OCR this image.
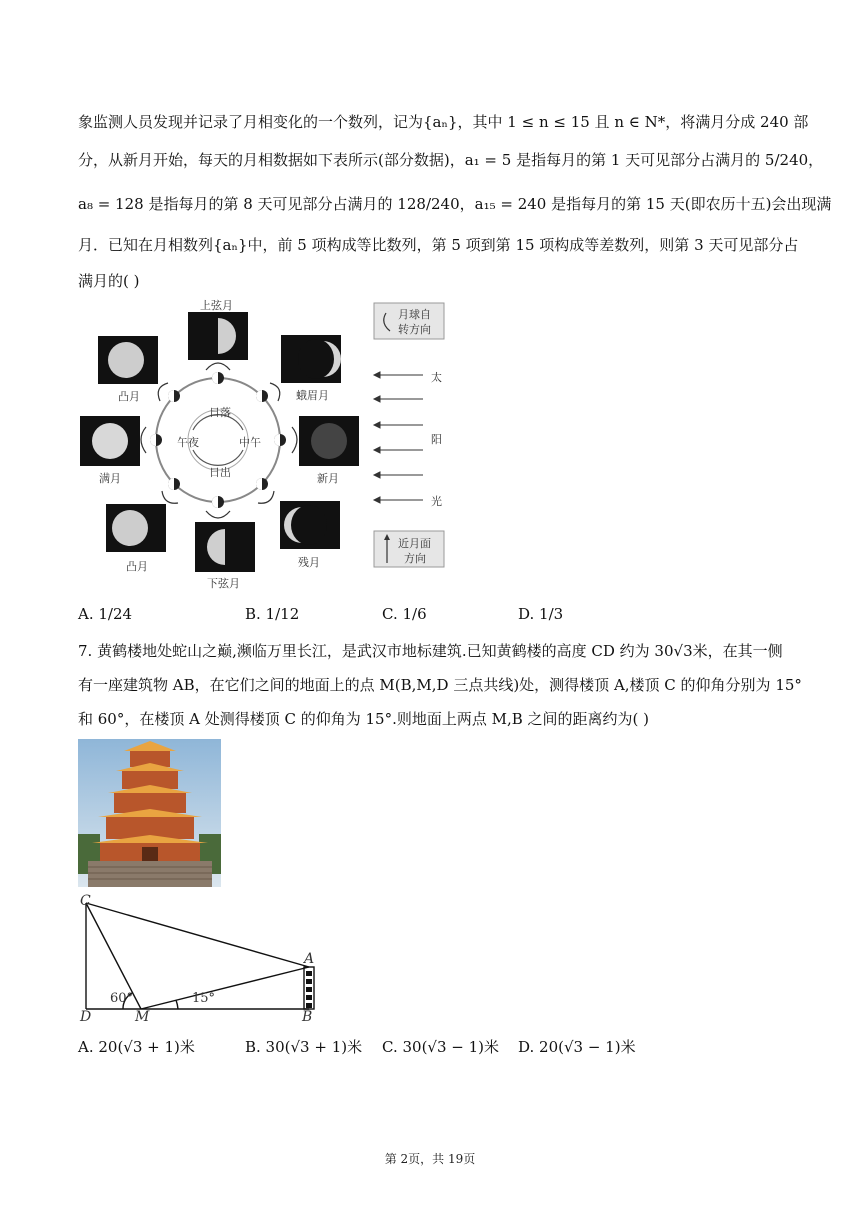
象监测人员发现并记录了月相变化的一个数列，记为{aₙ}，其中 1 ≤ n ≤ 15 且 n ∈ N*，将满月分成 240 部
分，从新月开始，每天的月相数据如下表所示(部分数据)，a₁ = 5 是指每月的第 1 天可见部分占满月的 5/240，
a₈ = 128 是指每月的第 8 天可见部分占满月的 128/240，a₁₅ = 240 是指每月的第 15 天(即农历十五)会出现满
月．已知在月相数列{aₙ}中，前 5 项构成等比数列，第 5 项到第 15 项构成等差数列，则第 3 天可见部分占
满月的( )
上弦月
蛾眉月
新月
残月
下弦月
凸月
满月
凸月
日落
中午
午夜
日出
太
阳
光
月球自
转方向
近月面
方向
A. 1/24	B. 1/12	C. 1/6	D. 1/3
7. 黄鹤楼地处蛇山之巅,濒临万里长江，是武汉市地标建筑.已知黄鹤楼的高度 CD 约为 30√3米，在其一侧
有一座建筑物 AB，在它们之间的地面上的点 M(B,M,D 三点共线)处，测得楼顶 A,楼顶 C 的仰角分别为 15°
和 60°，在楼顶 A 处测得楼顶 C 的仰角为 15°.则地面上两点 M,B 之间的距离约为( )
C
A
D	M	B
60°	15°
A. 20(√3 + 1)米	B. 30(√3 + 1)米 C. 30(√3 − 1)米 D. 20(√3 − 1)米
第 2页，共 19页
